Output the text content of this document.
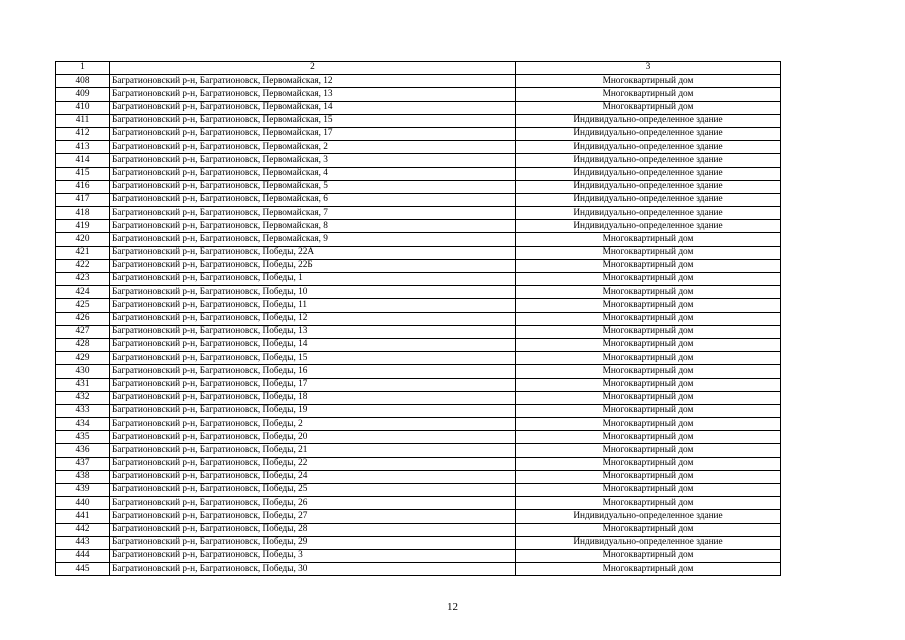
1	2	3
408	Багратионовский р-н, Багратионовск, Первомайская, 12	Многоквартирный дом
409	Багратионовский р-н, Багратионовск, Первомайская, 13	Многоквартирный дом
410	Багратионовский р-н, Багратионовск, Первомайская, 14	Многоквартирный дом
411	Багратионовский р-н, Багратионовск, Первомайская, 15	Индивидуально-определенное здание
412	Багратионовский р-н, Багратионовск, Первомайская, 17	Индивидуально-определенное здание
413	Багратионовский р-н, Багратионовск, Первомайская, 2	Индивидуально-определенное здание
414	Багратионовский р-н, Багратионовск, Первомайская, 3	Индивидуально-определенное здание
415	Багратионовский р-н, Багратионовск, Первомайская, 4	Индивидуально-определенное здание
416	Багратионовский р-н, Багратионовск, Первомайская, 5	Индивидуально-определенное здание
417	Багратионовский р-н, Багратионовск, Первомайская, 6	Индивидуально-определенное здание
418	Багратионовский р-н, Багратионовск, Первомайская, 7	Индивидуально-определенное здание
419	Багратионовский р-н, Багратионовск, Первомайская, 8	Индивидуально-определенное здание
420	Багратионовский р-н, Багратионовск, Первомайская, 9	Многоквартирный дом
421	Багратионовский р-н, Багратионовск, Победы, 22А	Многоквартирный дом
422	Багратионовский р-н, Багратионовск, Победы, 22Б	Многоквартирный дом
423	Багратионовский р-н, Багратионовск, Победы, 1	Многоквартирный дом
424	Багратионовский р-н, Багратионовск, Победы, 10	Многоквартирный дом
425	Багратионовский р-н, Багратионовск, Победы, 11	Многоквартирный дом
426	Багратионовский р-н, Багратионовск, Победы, 12	Многоквартирный дом
427	Багратионовский р-н, Багратионовск, Победы, 13	Многоквартирный дом
428	Багратионовский р-н, Багратионовск, Победы, 14	Многоквартирный дом
429	Багратионовский р-н, Багратионовск, Победы, 15	Многоквартирный дом
430	Багратионовский р-н, Багратионовск, Победы, 16	Многоквартирный дом
431	Багратионовский р-н, Багратионовск, Победы, 17	Многоквартирный дом
432	Багратионовский р-н, Багратионовск, Победы, 18	Многоквартирный дом
433	Багратионовский р-н, Багратионовск, Победы, 19	Многоквартирный дом
434	Багратионовский р-н, Багратионовск, Победы, 2	Многоквартирный дом
435	Багратионовский р-н, Багратионовск, Победы, 20	Многоквартирный дом
436	Багратионовский р-н, Багратионовск, Победы, 21	Многоквартирный дом
437	Багратионовский р-н, Багратионовск, Победы, 22	Многоквартирный дом
438	Багратионовский р-н, Багратионовск, Победы, 24	Многоквартирный дом
439	Багратионовский р-н, Багратионовск, Победы, 25	Многоквартирный дом
440	Багратионовский р-н, Багратионовск, Победы, 26	Многоквартирный дом
441	Багратионовский р-н, Багратионовск, Победы, 27	Индивидуально-определенное здание
442	Багратионовский р-н, Багратионовск, Победы, 28	Многоквартирный дом
443	Багратионовский р-н, Багратионовск, Победы, 29	Индивидуально-определенное здание
444	Багратионовский р-н, Багратионовск, Победы, 3	Многоквартирный дом
445	Багратионовский р-н, Багратионовск, Победы, 30	Многоквартирный дом
12
